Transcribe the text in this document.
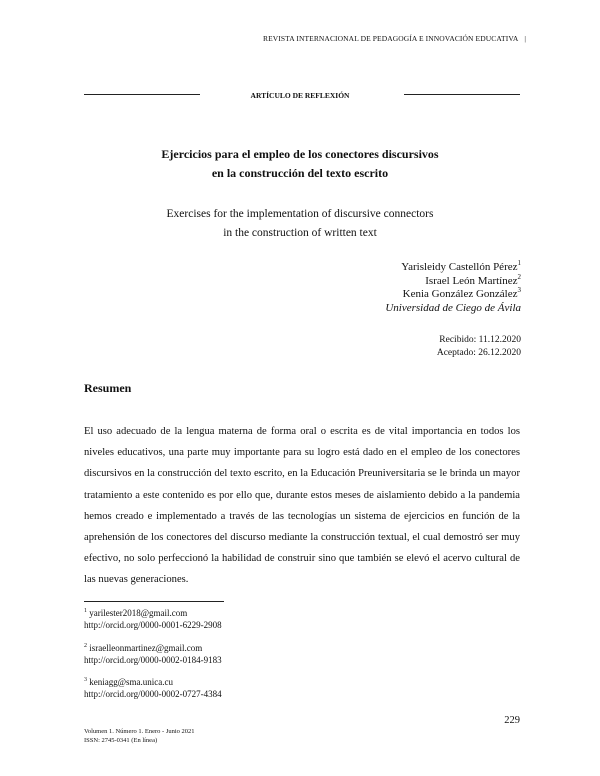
REVISTA INTERNACIONAL DE PEDAGOGÍA E INNOVACIÓN EDUCATIVA |
ARTÍCULO DE REFLEXIÓN
Ejercicios para el empleo de los conectores discursivos
en la construcción del texto escrito
Exercises for the implementation of discursive connectors
in the construction of written text
Yarisleidy Castellón Pérez$^1$
Israel León Martínez$^2$
Kenia González González$^3$
Universidad de Ciego de Ávila
Recibido: 11.12.2020
Aceptado: 26.12.2020
Resumen

El uso adecuado de la lengua materna de forma oral o escrita es de vital importancia en todos los niveles educativos, una parte muy importante para su logro está dado en el empleo de los conectores discursivos en la construcción del texto escrito, en la Educación Preuniversitaria se le brinda un mayor tratamiento a este contenido es por ello que, durante estos meses de aislamiento debido a la pandemia hemos creado e implementado a través de las tecnologías un sistema de ejercicios en función de la aprehensión de los conectores del discurso mediante la construcción textual, el cual demostró ser muy efectivo, no solo perfeccionó la habilidad de construir sino que también se elevó el acervo cultural de las nuevas generaciones.

$^1$ yarilester2018@gmail.com
http://orcid.org/0000-0001-6229-2908
$^2$ israelleonmartinez@gmail.com
http://orcid.org/0000-0002-0184-9183
$^3$ keniagg@sma.unica.cu
http://orcid.org/0000-0002-0727-4384
229
Volumen 1. Número 1. Enero - Junio 2021
ISSN: 2745-0341 (En línea)
